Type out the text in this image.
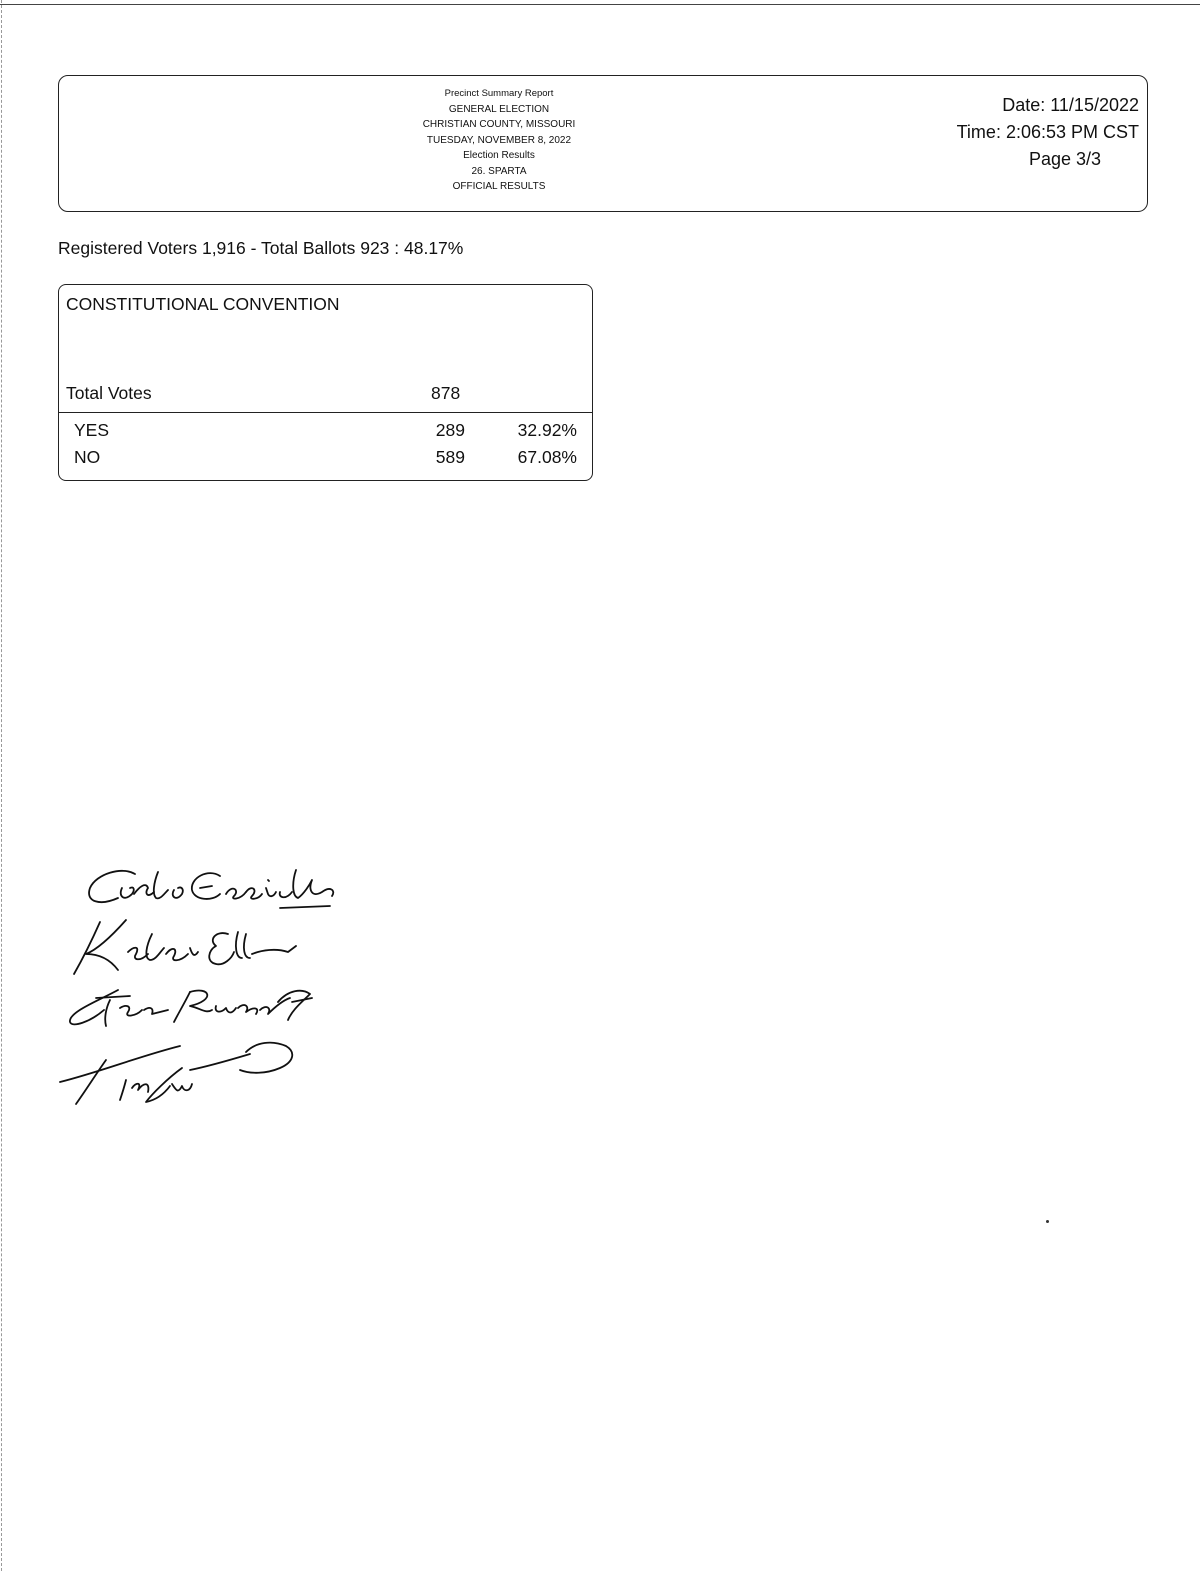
Precinct Summary Report
GENERAL ELECTION
CHRISTIAN COUNTY, MISSOURI
TUESDAY, NOVEMBER 8, 2022
Election Results
26. SPARTA
OFFICIAL RESULTS
Date: 11/15/2022
Time: 2:06:53 PM CST
Page 3/3
Registered Voters 1,916 - Total Ballots 923 : 48.17%
CONSTITUTIONAL CONVENTION
Total Votes	878
YES	289	32.92%
NO	589	67.08%
